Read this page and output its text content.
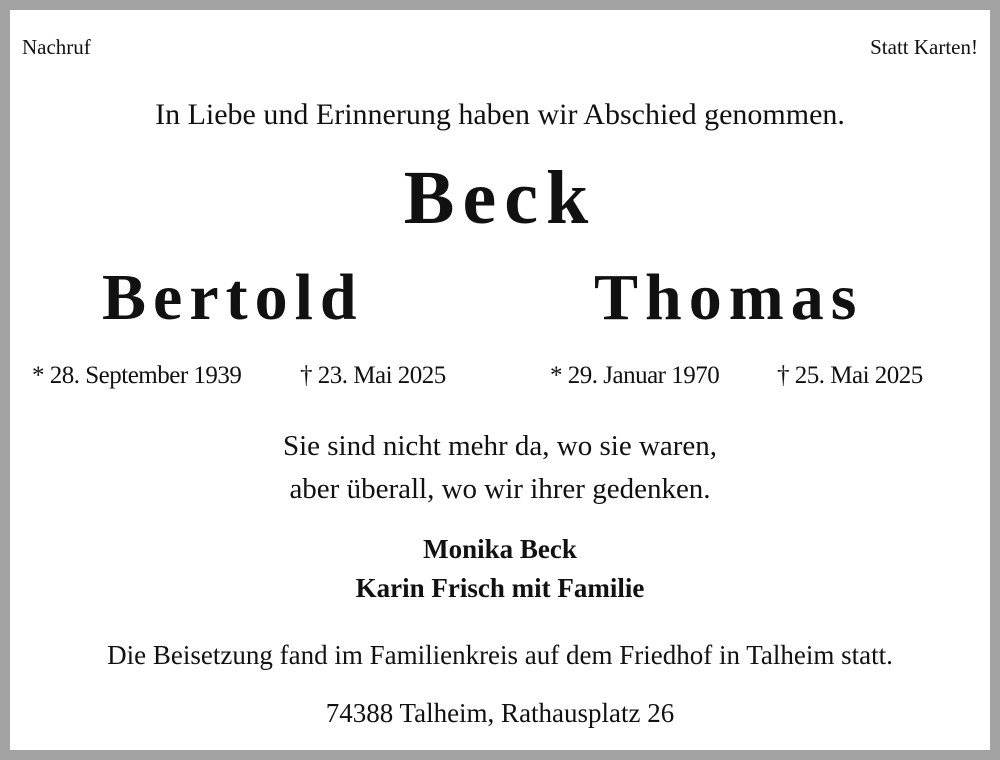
Nachruf	Statt Karten!
In Liebe und Erinnerung haben wir Abschied genommen.
Beck
Bertold	Thomas
* 28. September 1939 † 23. Mai 2025	* 29. Januar 1970 † 25. Mai 2025
Sie sind nicht mehr da, wo sie waren,
aber überall, wo wir ihrer gedenken.
Monika Beck
Karin Frisch mit Familie
Die Beisetzung fand im Familienkreis auf dem Friedhof in Talheim statt.
74388 Talheim, Rathausplatz 26
